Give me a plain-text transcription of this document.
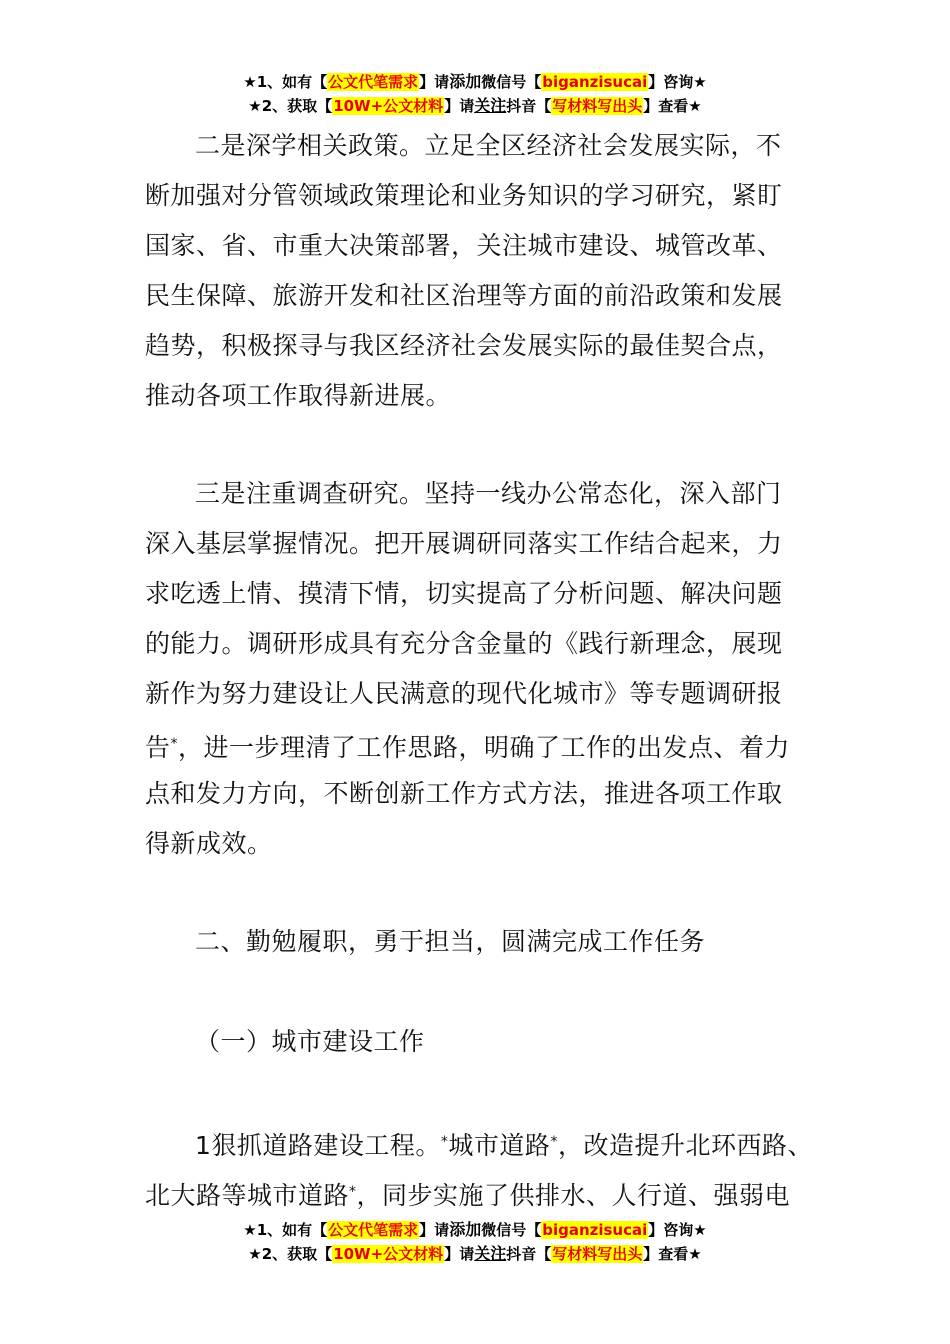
★1、如有【公文代笔需求】请添加微信号【biganzisucai】咨询★
★2、获取【10W+公文材料】请关注抖音【写材料写出头】查看★
二是深学相关政策。立足全区经济社会发展实际，不
断加强对分管领域政策理论和业务知识的学习研究，紧盯
国家、省、市重大决策部署，关注城市建设、城管改革、
民生保障、旅游开发和社区治理等方面的前沿政策和发展
趋势，积极探寻与我区经济社会发展实际的最佳契合点，
推动各项工作取得新进展。
三是注重调查研究。坚持一线办公常态化，深入部门
深入基层掌握情况。把开展调研同落实工作结合起来，力
求吃透上情、摸清下情，切实提高了分析问题、解决问题
的能力。调研形成具有充分含金量的《践行新理念，展现
新作为努力建设让人民满意的现代化城市》等专题调研报
告*，进一步理清了工作思路，明确了工作的出发点、着力
点和发力方向，不断创新工作方式方法，推进各项工作取
得新成效。
二、勤勉履职，勇于担当，圆满完成工作任务
（一）城市建设工作
1狠抓道路建设工程。*城市道路*，改造提升北环西路、
北大路等城市道路*，同步实施了供排水、人行道、强弱电
★1、如有【公文代笔需求】请添加微信号【biganzisucai】咨询★
★2、获取【10W+公文材料】请关注抖音【写材料写出头】查看★
